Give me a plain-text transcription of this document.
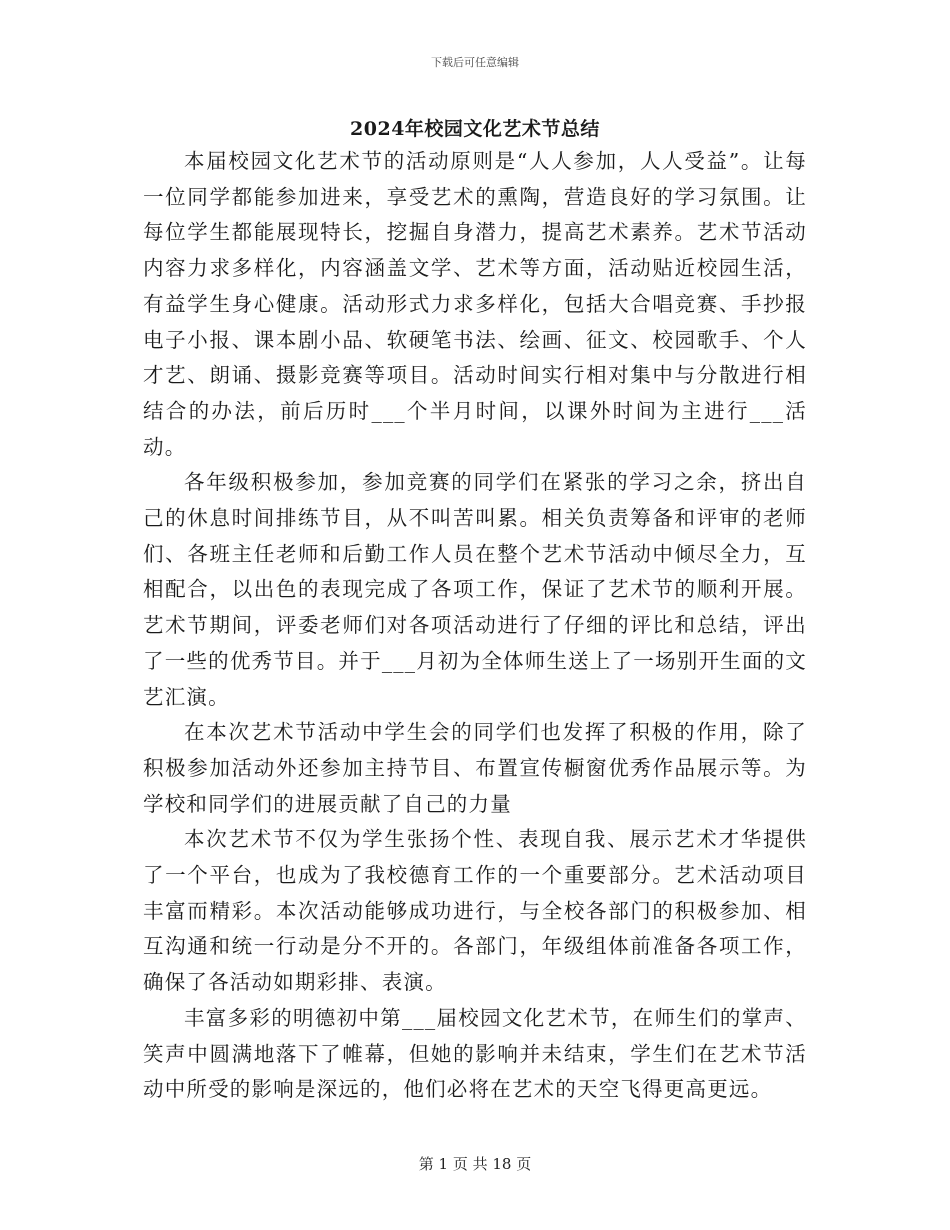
下载后可任意编辑
2024年校园文化艺术节总结

本届校园文化艺术节的活动原则是“人人参加，人人受益”。让每一位同学都能参加进来，享受艺术的熏陶，营造良好的学习氛围。让每位学生都能展现特长，挖掘自身潜力，提高艺术素养。艺术节活动内容力求多样化，内容涵盖文学、艺术等方面，活动贴近校园生活，有益学生身心健康。活动形式力求多样化，包括大合唱竞赛、手抄报电子小报、课本剧小品、软硬笔书法、绘画、征文、校园歌手、个人才艺、朗诵、摄影竞赛等项目。活动时间实行相对集中与分散进行相结合的办法，前后历时___个半月时间，以课外时间为主进行___活动。

各年级积极参加，参加竞赛的同学们在紧张的学习之余，挤出自己的休息时间排练节目，从不叫苦叫累。相关负责筹备和评审的老师们、各班主任老师和后勤工作人员在整个艺术节活动中倾尽全力，互相配合，以出色的表现完成了各项工作，保证了艺术节的顺利开展。艺术节期间，评委老师们对各项活动进行了仔细的评比和总结，评出了一些的优秀节目。并于___月初为全体师生送上了一场别开生面的文艺汇演。

在本次艺术节活动中学生会的同学们也发挥了积极的作用，除了积极参加活动外还参加主持节目、布置宣传橱窗优秀作品展示等。为学校和同学们的进展贡献了自己的力量

本次艺术节不仅为学生张扬个性、表现自我、展示艺术才华提供了一个平台，也成为了我校德育工作的一个重要部分。艺术活动项目丰富而精彩。本次活动能够成功进行，与全校各部门的积极参加、相互沟通和统一行动是分不开的。各部门，年级组体前准备各项工作，确保了各活动如期彩排、表演。

丰富多彩的明德初中第___届校园文化艺术节，在师生们的掌声、笑声中圆满地落下了帷幕，但她的影响并未结束，学生们在艺术节活动中所受的影响是深远的，他们必将在艺术的天空飞得更高更远。

第 1 页 共 18 页
